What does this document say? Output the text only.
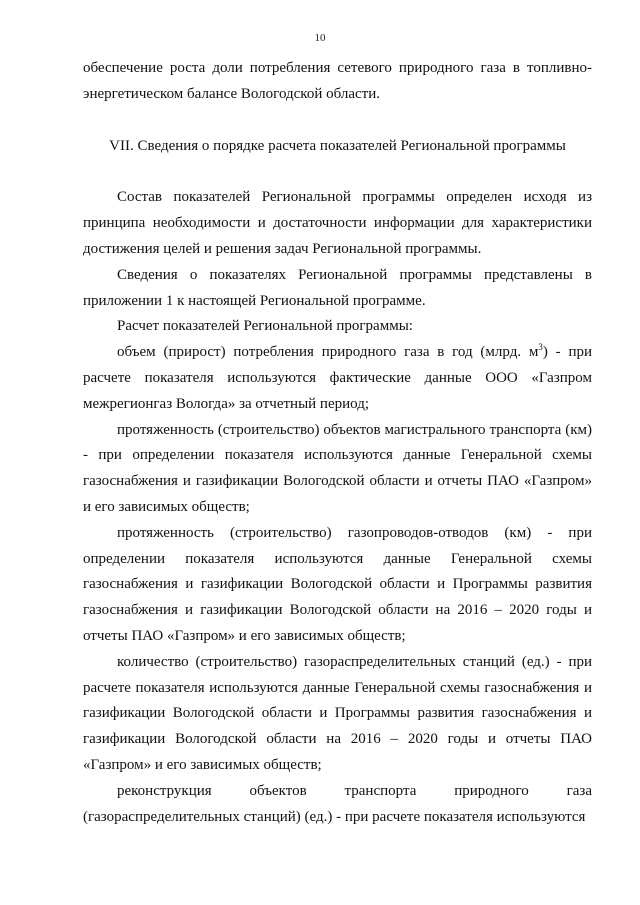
10

обеспечение роста доли потребления сетевого природного газа в топливно-энергетическом балансе Вологодской области.

VII. Сведения о порядке расчета показателей Региональной программы

Состав показателей Региональной программы определен исходя из принципа необходимости и достаточности информации для характеристики достижения целей и решения задач Региональной программы.

Сведения о показателях Региональной программы представлены в приложении 1 к настоящей Региональной программе.

Расчет показателей Региональной программы:

объем (прирост) потребления природного газа в год (млрд. $м^3$) - при расчете показателя используются фактические данные ООО «Газпром межрегионгаз Вологда» за отчетный период;

протяженность (строительство) объектов магистрального транспорта (км) - при определении показателя используются данные Генеральной схемы газоснабжения и газификации Вологодской области и отчеты ПАО «Газпром» и его зависимых обществ;

протяженность (строительство) газопроводов-отводов (км) - при определении показателя используются данные Генеральной схемы газоснабжения и газификации Вологодской области и Программы развития газоснабжения и газификации Вологодской области на 2016 – 2020 годы и отчеты ПАО «Газпром» и его зависимых обществ;

количество (строительство) газораспределительных станций (ед.) - при расчете показателя используются данные Генеральной схемы газоснабжения и газификации Вологодской области и Программы развития газоснабжения и газификации Вологодской области на 2016 – 2020 годы и отчеты ПАО «Газпром» и его зависимых обществ;

реконструкция объектов транспорта природного газа (газораспределительных станций) (ед.) - при расчете показателя используются
